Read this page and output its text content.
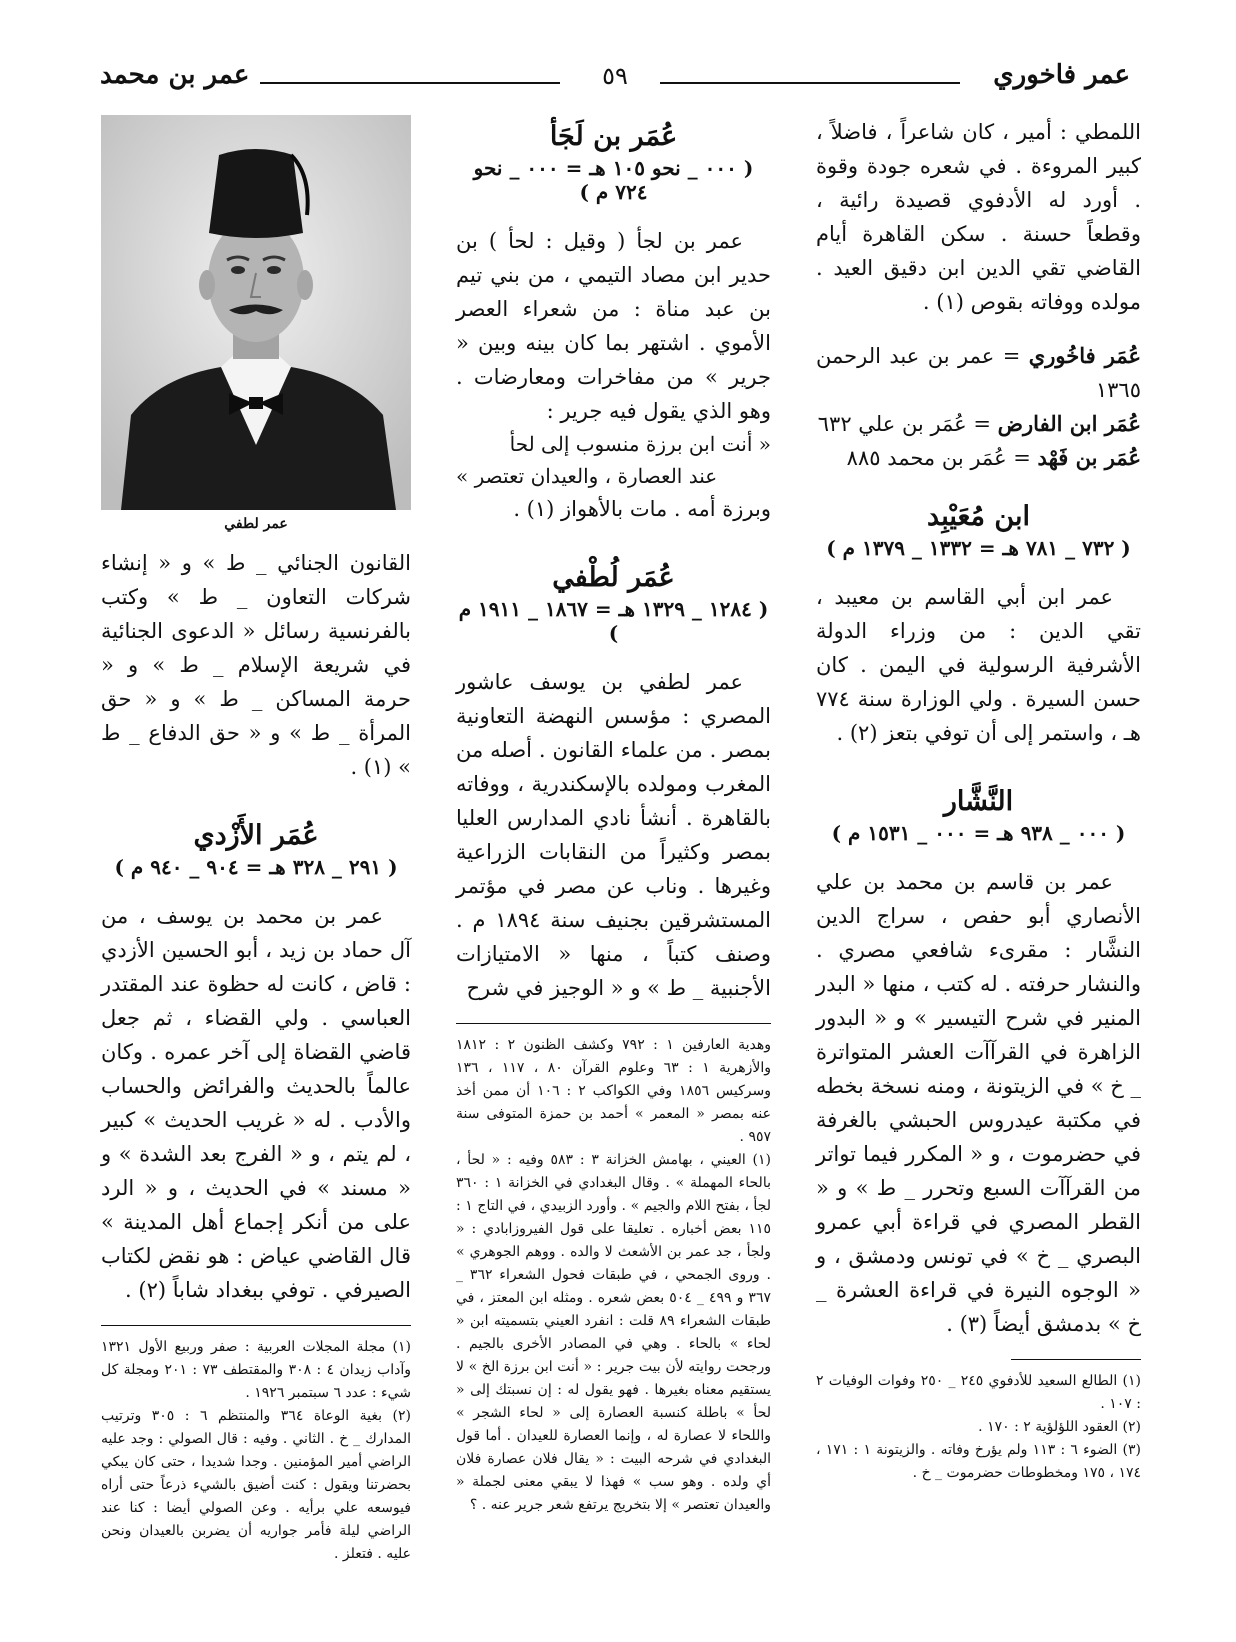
عمر فاخوري
٥٩
عمر بن محمد

اللمطي : أمير ، كان شاعراً ، فاضلاً ، كبير المروءة . في شعره جودة وقوة . أورد له الأدفوي قصيدة رائية ، وقطعاً حسنة . سكن القاهرة أيام القاضي تقي الدين ابن دقيق العيد . مولده ووفاته بقوص (١) .

عُمَر فاخُوري = عمر بن عبد الرحمن ١٣٦٥

عُمَر ابن الفارض = عُمَر بن علي ٦٣٢

عُمَر بن فَهْد = عُمَر بن محمد ٨٨٥

ابن مُعَيْبِد
( ٧٣٢ _ ٧٨١ هـ = ١٣٣٢ _ ١٣٧٩ م )

عمر ابن أبي القاسم بن معيبد ، تقي الدين : من وزراء الدولة الأشرفية الرسولية في اليمن . كان حسن السيرة . ولي الوزارة سنة ٧٧٤ هـ ، واستمر إلى أن توفي بتعز (٢) .

النَّشَّار
( ٠٠٠ _ ٩٣٨ هـ = ٠٠٠ _ ١٥٣١ م )

عمر بن قاسم بن محمد بن علي الأنصاري أبو حفص ، سراج الدين النشَّار : مقرىء شافعي مصري . والنشار حرفته . له كتب ، منها « البدر المنير في شرح التيسير » و « البدور الزاهرة في القرآآت العشر المتواترة _ خ » في الزيتونة ، ومنه نسخة بخطه في مكتبة عيدروس الحبشي بالغرفة في حضرموت ، و « المكرر فيما تواتر من القرآآت السبع وتحرر _ ط » و « القطر المصري في قراءة أبي عمرو البصري _ خ » في تونس ودمشق ، و « الوجوه النيرة في قراءة العشرة _ خ » بدمشق أيضاً (٣) .

(١) الطالع السعيد للأدفوي ٢٤٥ _ ٢٥٠ وفوات الوفيات ٢ : ١٠٧ .

(٢) العقود اللؤلؤية ٢ : ١٧٠ .

(٣) الضوء ٦ : ١١٣ ولم يؤرخ وفاته . والزيتونة ١ : ١٧١ ، ١٧٤ ، ١٧٥ ومخطوطات حضرموت _ خ .

عُمَر بن لَجَأ
( ٠٠٠ _ نحو ١٠٥ هـ = ٠٠٠ _ نحو ٧٢٤ م )

عمر بن لجأ ( وقيل : لحأ ) بن حدير ابن مصاد التيمي ، من بني تيم بن عبد مناة : من شعراء العصر الأموي . اشتهر بما كان بينه وبين « جرير » من مفاخرات ومعارضات . وهو الذي يقول فيه جرير :

« أنت ابن برزة منسوب إلى لحأ

عند العصارة ، والعيدان تعتصر »

وبرزة أمه . مات بالأهواز (١) .

عُمَر لُطْفي
( ١٢٨٤ _ ١٣٢٩ هـ = ١٨٦٧ _ ١٩١١ م )

عمر لطفي بن يوسف عاشور المصري : مؤسس النهضة التعاونية بمصر . من علماء القانون . أصله من المغرب ومولده بالإسكندرية ، ووفاته بالقاهرة . أنشأ نادي المدارس العليا بمصر وكثيراً من النقابات الزراعية وغيرها . وناب عن مصر في مؤتمر المستشرقين بجنيف سنة ١٨٩٤ م . وصنف كتباً ، منها « الامتيازات الأجنبية _ ط » و « الوجيز في شرح

وهدية العارفين ١ : ٧٩٢ وكشف الظنون ٢ : ١٨١٢ والأزهرية ١ : ٦٣ وعلوم القرآن ٨٠ ، ١١٧ ، ١٣٦ وسركيس ١٨٥٦ وفي الكواكب ٢ : ١٠٦ أن ممن أخذ عنه بمصر « المعمر » أحمد بن حمزة المتوفى سنة ٩٥٧ .

(١) العيني ، بهامش الخزانة ٣ : ٥٨٣ وفيه : « لحأ ، بالحاء المهملة » . وقال البغدادي في الخزانة ١ : ٣٦٠ لجأ ، بفتح اللام والجيم » . وأورد الزبيدي ، في التاج ١ : ١١٥ بعض أخباره . تعليقا على قول الفيروزابادي : « ولجأ ، جد عمر بن الأشعث لا والده . ووهم الجوهري » . وروى الجمحي ، في طبقات فحول الشعراء ٣٦٢ _ ٣٦٧ و ٤٩٩ _ ٥٠٤ بعض شعره . ومثله ابن المعتز ، في طبقات الشعراء ٨٩ قلت : انفرد العيني بتسميته ابن « لحاء » بالحاء . وهي في المصادر الأخرى بالجيم . ورجحت روايته لأن بيت جرير : « أنت ابن برزة الخ » لا يستقيم معناه بغيرها . فهو يقول له : إن نسبتك إلى « لحأ » باطلة كنسبة العصارة إلى « لحاء الشجر » واللحاء لا عصارة له ، وإنما العصارة للعيدان . أما قول البغدادي في شرحه البيت : « يقال فلان عصارة فلان أي ولده . وهو سب » فهذا لا يبقي معنى لجملة « والعيدان تعتصر » إلا بتخريج يرتفع شعر جرير عنه . ؟

عمر لطفي

القانون الجنائي _ ط » و « إنشاء شركات التعاون _ ط » وكتب بالفرنسية رسائل « الدعوى الجنائية في شريعة الإسلام _ ط » و « حرمة المساكن _ ط » و « حق المرأة _ ط » و « حق الدفاع _ ط » (١) .

عُمَر الأَزْدي
( ٢٩١ _ ٣٢٨ هـ = ٩٠٤ _ ٩٤٠ م )

عمر بن محمد بن يوسف ، من آل حماد بن زيد ، أبو الحسين الأزدي : قاض ، كانت له حظوة عند المقتدر العباسي . ولي القضاء ، ثم جعل قاضي القضاة إلى آخر عمره . وكان عالماً بالحديث والفرائض والحساب والأدب . له « غريب الحديث » كبير ، لم يتم ، و « الفرج بعد الشدة » و « مسند » في الحديث ، و « الرد على من أنكر إجماع أهل المدينة » قال القاضي عياض : هو نقض لكتاب الصيرفي . توفي ببغداد شاباً (٢) .

(١) مجلة المجلات العربية : صفر وربيع الأول ١٣٢١ وآداب زيدان ٤ : ٣٠٨ والمقتطف ٧٣ : ٢٠١ ومجلة كل شيء : عدد ٦ سبتمبر ١٩٢٦ .

(٢) بغية الوعاة ٣٦٤ والمنتظم ٦ : ٣٠٥ وترتيب المدارك _ خ . الثاني . وفيه : قال الصولي : وجد عليه الراضي أمير المؤمنين . وجدا شديدا ، حتى كان يبكي بحضرتنا ويقول : كنت أضيق بالشيء ذرعاً حتى أراه فيوسعه علي برأيه . وعن الصولي أيضا : كنا عند الراضي ليلة فأمر جواريه أن يضربن بالعيدان ونحن عليه . فتعلز .
